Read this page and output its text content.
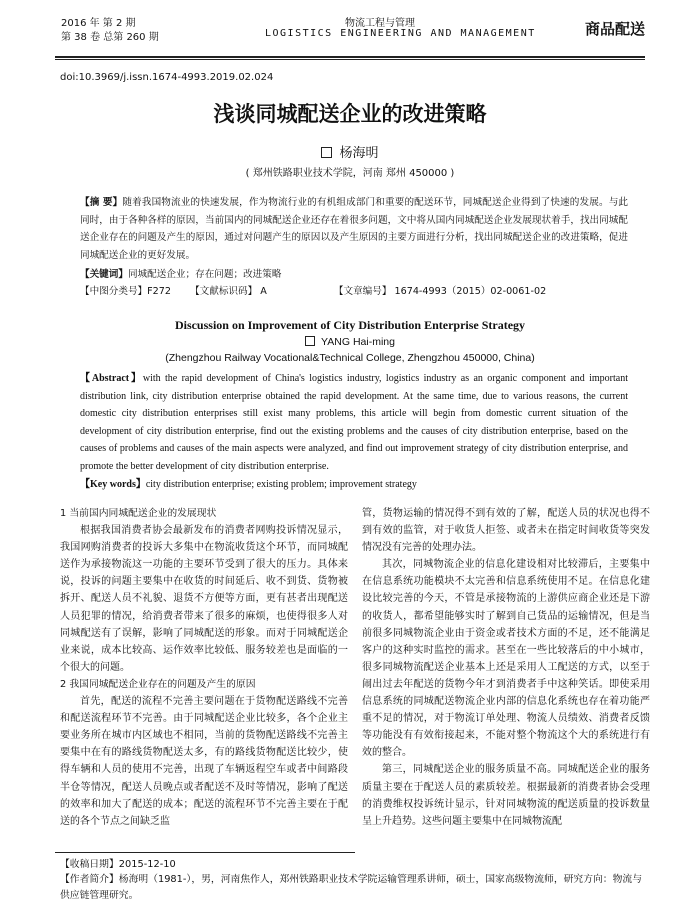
2016 年 第 2 期
第 38 卷 总第 260 期
物流工程与管理
LOGISTICS ENGINEERING AND MANAGEMENT	商品配送
doi:10.3969/j.issn.1674-4993.2019.02.024
浅谈同城配送企业的改进策略
杨海明
( 郑州铁路职业技术学院，河南 郑州 450000 )
【摘 要】随着我国物流业的快速发展，作为物流行业的有机组成部门和重要的配送环节，同城配送企业得到了快速的发展。与此同时，由于各种各样的原因，当前国内的同城配送企业还存在着很多问题，文中将从国内同城配送企业发展现状着手，找出同城配送企业存在的问题及产生的原因，通过对问题产生的原因以及产生原因的主要方面进行分析，找出同城配送企业的改进策略，促进同城配送企业的更好发展。
【关键词】同城配送企业；存在问题；改进策略
【中图分类号】F272 【文献标识码】 A	【文章编号】 1674-4993（2015）02-0061-02
Discussion on Improvement of City Distribution Enterprise Strategy
YANG Hai-ming
(Zhengzhou Railway Vocational&Technical College, Zhengzhou 450000, China)
【Abstract】with the rapid development of China's logistics industry, logistics industry as an organic component and important distribution link, city distribution enterprise obtained the rapid development. At the same time, due to various reasons, the current domestic city distribution enterprises still exist many problems, this article will begin from domestic current situation of the development of city distribution enterprise, find out the existing problems and the causes of city distribution enterprise, based on the causes of problems and causes of the main aspects were analyzed, and find out improvement strategy of city distribution enterprise, and promote the better development of city distribution enterprise.
【Key words】city distribution enterprise; existing problem; improvement strategy

1 当前国内同城配送企业的发展现状

根据我国消费者协会最新发布的消费者网购投诉情况显示，我国网购消费者的投诉大多集中在物流收货这个环节，而同城配送作为承接物流这一功能的主要环节受到了很大的压力。具体来说，投诉的问题主要集中在收货的时间延后、收不到货、货物被拆开、配送人员不礼貌、退货不方便等方面，更有甚者出现配送人员犯罪的情况，给消费者带来了很多的麻烦，也使得很多人对同城配送有了误解，影响了同城配送的形象。而对于同城配送企业来说，成本比较高、运作效率比较低、服务较差也是面临的一个很大的问题。

2 我国同城配送企业存在的问题及产生的原因

首先，配送的流程不完善主要问题在于货物配送路线不完善和配送流程环节不完善。由于同城配送企业比较多，各个企业主要业务所在城市内区域也不相同，当前的货物配送路线不完善主要集中在有的路线货物配送太多，有的路线货物配送比较少，使得车辆和人员的使用不完善，出现了车辆返程空车或者中间路段半仓等情况，配送人员晚点或者配送不及时等情况，影响了配送的效率和加大了配送的成本；配送的流程环节不完善主要在于配送的各个节点之间缺乏监

管，货物运输的情况得不到有效的了解，配送人员的状况也得不到有效的监管，对于收货人拒签、或者未在指定时间收货等突发情况没有完善的处理办法。

其次，同城物流企业的信息化建设相对比较滞后，主要集中在信息系统功能模块不太完善和信息系统使用不足。在信息化建设比较完善的今天，不管是承接物流的上游供应商企业还是下游的收货人，都希望能够实时了解到自己货品的运输情况，但是当前很多同城物流企业由于资金或者技术方面的不足，还不能满足客户的这种实时监控的需求。甚至在一些比较落后的中小城市，很多同城物流配送企业基本上还是采用人工配送的方式，以至于闹出过去年配送的货物今年才到消费者手中这种笑话。即使采用信息系统的同城配送物流企业内部的信息化系统也存在着功能严重不足的情况，对于物流订单处理、物流人员绩效、消费者反馈等功能没有有效衔接起来，不能对整个物流这个大的系统进行有效的整合。

第三，同城配送企业的服务质量不高。同城配送企业的服务质量主要在于配送人员的素质较差。根据最新的消费者协会受理的消费维权投诉统计显示，针对同城物流的配送质量的投诉数量呈上升趋势。这些问题主要集中在同城物流配

【收稿日期】2015-12-10
【作者简介】杨海明（1981-），男，河南焦作人，郑州铁路职业技术学院运输管理系讲师，硕士，国家高级物流师，研究方向：物流与供应链管理研究。
